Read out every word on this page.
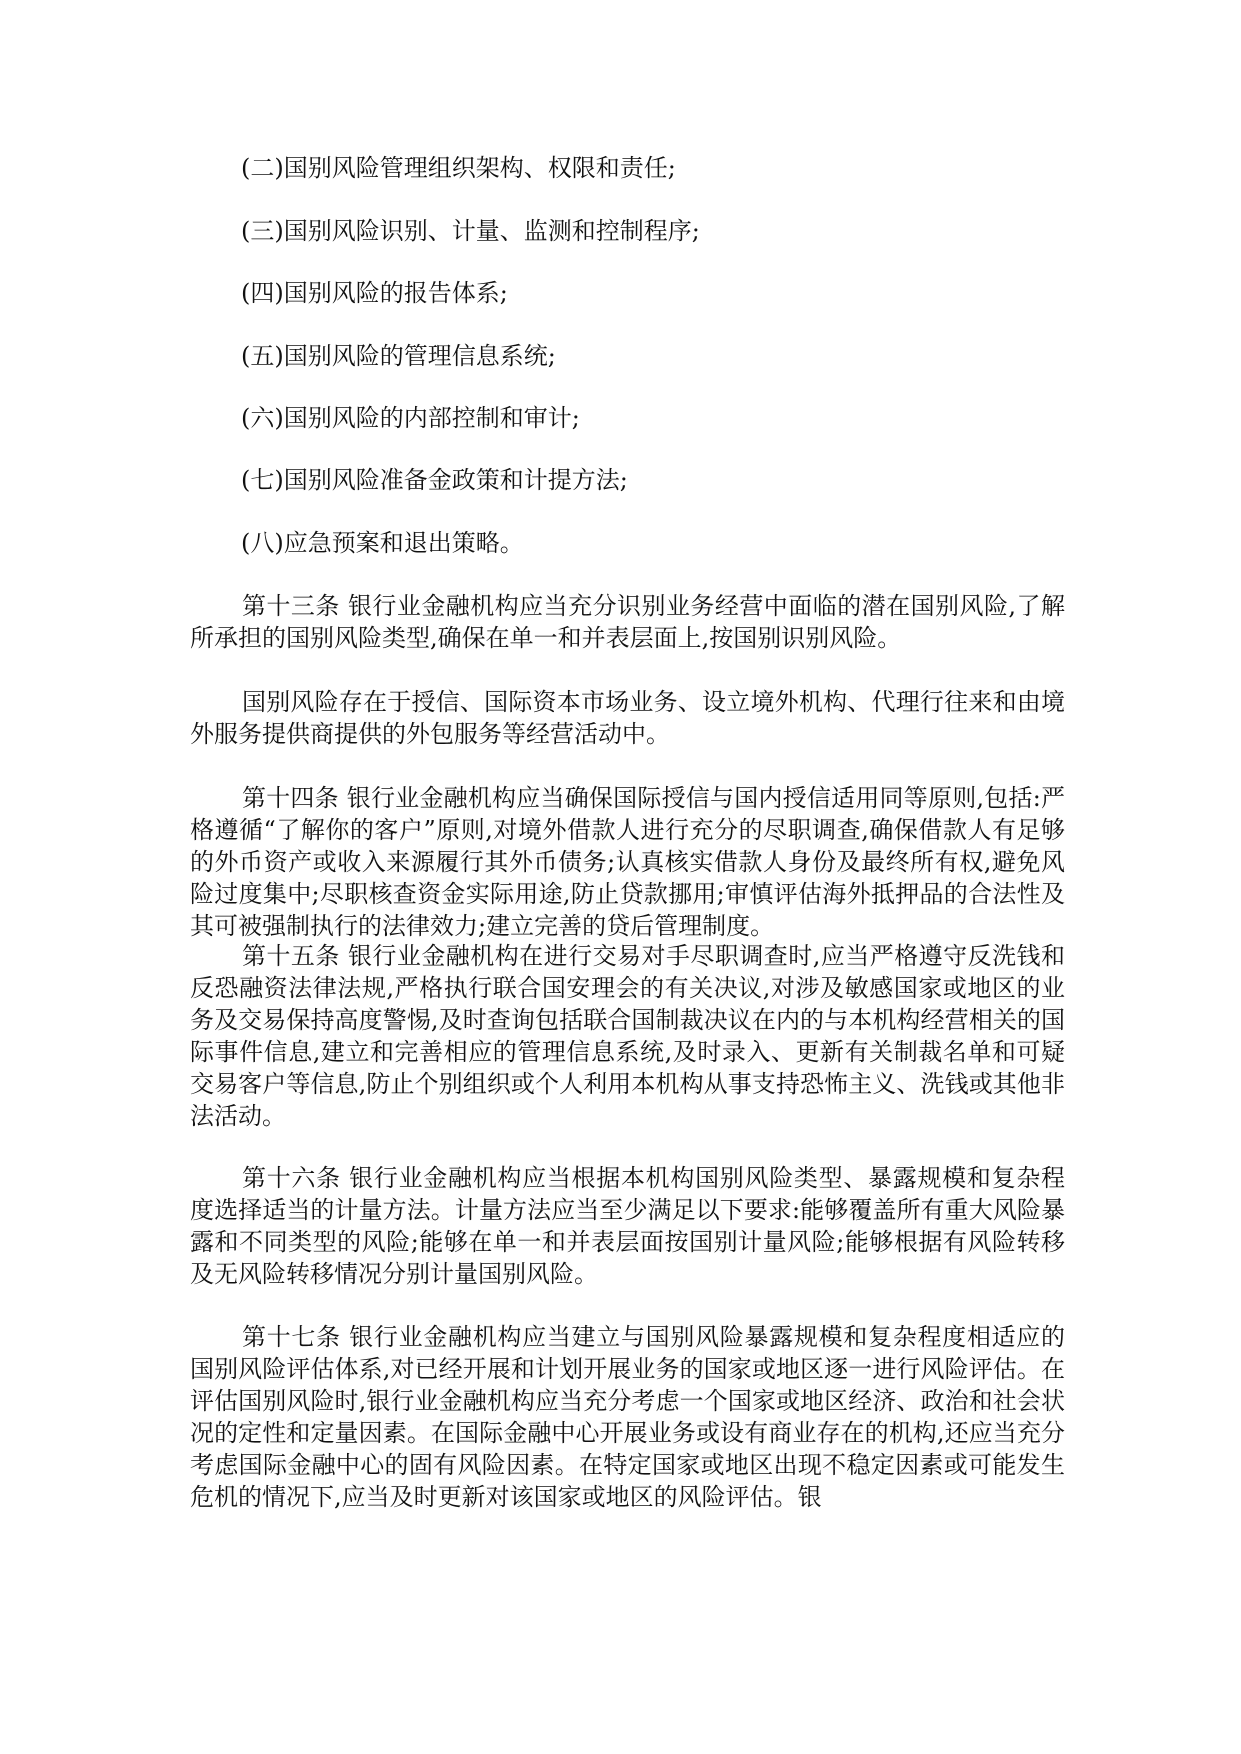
(二)国别风险管理组织架构、权限和责任;
(三)国别风险识别、计量、监测和控制程序;
(四)国别风险的报告体系;
(五)国别风险的管理信息系统;
(六)国别风险的内部控制和审计;
(七)国别风险准备金政策和计提方法;
(八)应急预案和退出策略。

第十三条 银行业金融机构应当充分识别业务经营中面临的潜在国别风险,了解所承担的国别风险类型,确保在单一和并表层面上,按国别识别风险。

国别风险存在于授信、国际资本市场业务、设立境外机构、代理行往来和由境外服务提供商提供的外包服务等经营活动中。

第十四条 银行业金融机构应当确保国际授信与国内授信适用同等原则,包括:严格遵循“了解你的客户”原则,对境外借款人进行充分的尽职调查,确保借款人有足够的外币资产或收入来源履行其外币债务;认真核实借款人身份及最终所有权,避免风险过度集中;尽职核查资金实际用途,防止贷款挪用;审慎评估海外抵押品的合法性及其可被强制执行的法律效力;建立完善的贷后管理制度。

第十五条 银行业金融机构在进行交易对手尽职调查时,应当严格遵守反洗钱和反恐融资法律法规,严格执行联合国安理会的有关决议,对涉及敏感国家或地区的业务及交易保持高度警惕,及时查询包括联合国制裁决议在内的与本机构经营相关的国际事件信息,建立和完善相应的管理信息系统,及时录入、更新有关制裁名单和可疑交易客户等信息,防止个别组织或个人利用本机构从事支持恐怖主义、洗钱或其他非法活动。

第十六条 银行业金融机构应当根据本机构国别风险类型、暴露规模和复杂程度选择适当的计量方法。计量方法应当至少满足以下要求:能够覆盖所有重大风险暴露和不同类型的风险;能够在单一和并表层面按国别计量风险;能够根据有风险转移及无风险转移情况分别计量国别风险。

第十七条 银行业金融机构应当建立与国别风险暴露规模和复杂程度相适应的国别风险评估体系,对已经开展和计划开展业务的国家或地区逐一进行风险评估。在评估国别风险时,银行业金融机构应当充分考虑一个国家或地区经济、政治和社会状况的定性和定量因素。在国际金融中心开展业务或设有商业存在的机构,还应当充分考虑国际金融中心的固有风险因素。在特定国家或地区出现不稳定因素或可能发生危机的情况下,应当及时更新对该国家或地区的风险评估。银
